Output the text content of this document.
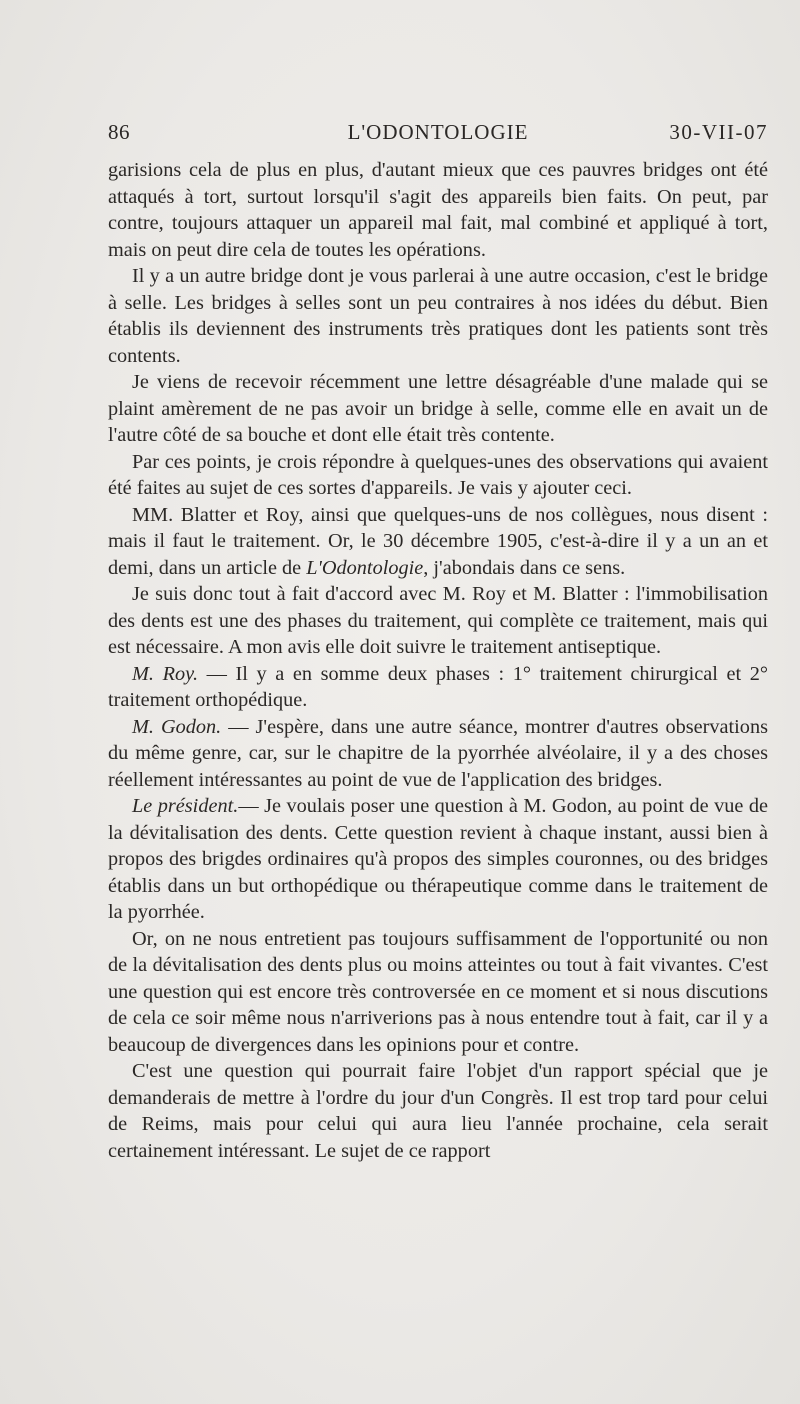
86	L'ODONTOLOGIE	30-VII-07

garisions cela de plus en plus, d'autant mieux que ces pauvres bridges ont été attaqués à tort, surtout lorsqu'il s'agit des appareils bien faits. On peut, par contre, toujours attaquer un appareil mal fait, mal combiné et appliqué à tort, mais on peut dire cela de toutes les opérations.

Il y a un autre bridge dont je vous parlerai à une autre occasion, c'est le bridge à selle. Les bridges à selles sont un peu contraires à nos idées du début. Bien établis ils deviennent des instruments très pratiques dont les patients sont très contents.

Je viens de recevoir récemment une lettre désagréable d'une malade qui se plaint amèrement de ne pas avoir un bridge à selle, comme elle en avait un de l'autre côté de sa bouche et dont elle était très contente.

Par ces points, je crois répondre à quelques-unes des observations qui avaient été faites au sujet de ces sortes d'appareils. Je vais y ajouter ceci.

MM. Blatter et Roy, ainsi que quelques-uns de nos collègues, nous disent : mais il faut le traitement. Or, le 30 décembre 1905, c'est-à-dire il y a un an et demi, dans un article de L'Odontologie, j'abondais dans ce sens.

Je suis donc tout à fait d'accord avec M. Roy et M. Blatter : l'immobilisation des dents est une des phases du traitement, qui complète ce traitement, mais qui est nécessaire. A mon avis elle doit suivre le traitement antiseptique.

M. Roy. — Il y a en somme deux phases : 1° traitement chirurgical et 2° traitement orthopédique.

M. Godon. — J'espère, dans une autre séance, montrer d'autres observations du même genre, car, sur le chapitre de la pyorrhée alvéolaire, il y a des choses réellement intéressantes au point de vue de l'application des bridges.

Le président.— Je voulais poser une question à M. Godon, au point de vue de la dévitalisation des dents. Cette question revient à chaque instant, aussi bien à propos des brigdes ordinaires qu'à propos des simples couronnes, ou des bridges établis dans un but orthopédique ou thérapeutique comme dans le traitement de la pyorrhée.

Or, on ne nous entretient pas toujours suffisamment de l'opportunité ou non de la dévitalisation des dents plus ou moins atteintes ou tout à fait vivantes. C'est une question qui est encore très controversée en ce moment et si nous discutions de cela ce soir même nous n'arriverions pas à nous entendre tout à fait, car il y a beaucoup de divergences dans les opinions pour et contre.

C'est une question qui pourrait faire l'objet d'un rapport spécial que je demanderais de mettre à l'ordre du jour d'un Congrès. Il est trop tard pour celui de Reims, mais pour celui qui aura lieu l'année prochaine, cela serait certainement intéressant. Le sujet de ce rapport
